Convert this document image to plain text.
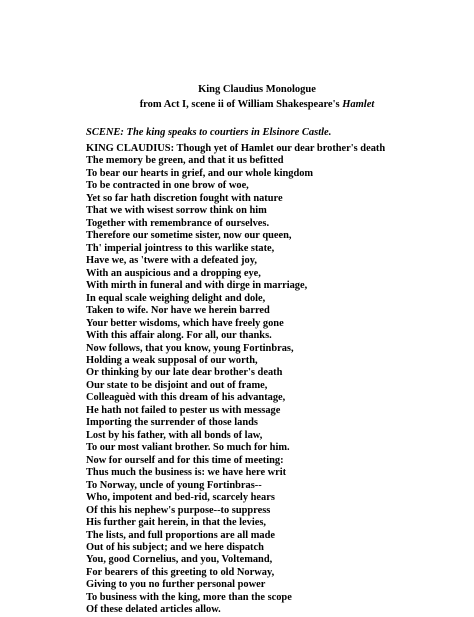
King Claudius Monologue
from Act I, scene ii of William Shakespeare's Hamlet
SCENE: The king speaks to courtiers in Elsinore Castle.
KING CLAUDIUS: Though yet of Hamlet our dear brother's death
The memory be green, and that it us befitted
To bear our hearts in grief, and our whole kingdom
To be contracted in one brow of woe,
Yet so far hath discretion fought with nature
That we with wisest sorrow think on him
Together with remembrance of ourselves.
Therefore our sometime sister, now our queen,
Th' imperial jointress to this warlike state,
Have we, as 'twere with a defeated joy,
With an auspicious and a dropping eye,
With mirth in funeral and with dirge in marriage,
In equal scale weighing delight and dole,
Taken to wife. Nor have we herein barred
Your better wisdoms, which have freely gone
With this affair along. For all, our thanks.
Now follows, that you know, young Fortinbras,
Holding a weak supposal of our worth,
Or thinking by our late dear brother's death
Our state to be disjoint and out of frame,
Colleaguèd with this dream of his advantage,
He hath not failed to pester us with message
Importing the surrender of those lands
Lost by his father, with all bonds of law,
To our most valiant brother. So much for him.
Now for ourself and for this time of meeting:
Thus much the business is: we have here writ
To Norway, uncle of young Fortinbras--
Who, impotent and bed-rid, scarcely hears
Of this his nephew's purpose--to suppress
His further gait herein, in that the levies,
The lists, and full proportions are all made
Out of his subject; and we here dispatch
You, good Cornelius, and you, Voltemand,
For bearers of this greeting to old Norway,
Giving to you no further personal power
To business with the king, more than the scope
Of these delated articles allow.
